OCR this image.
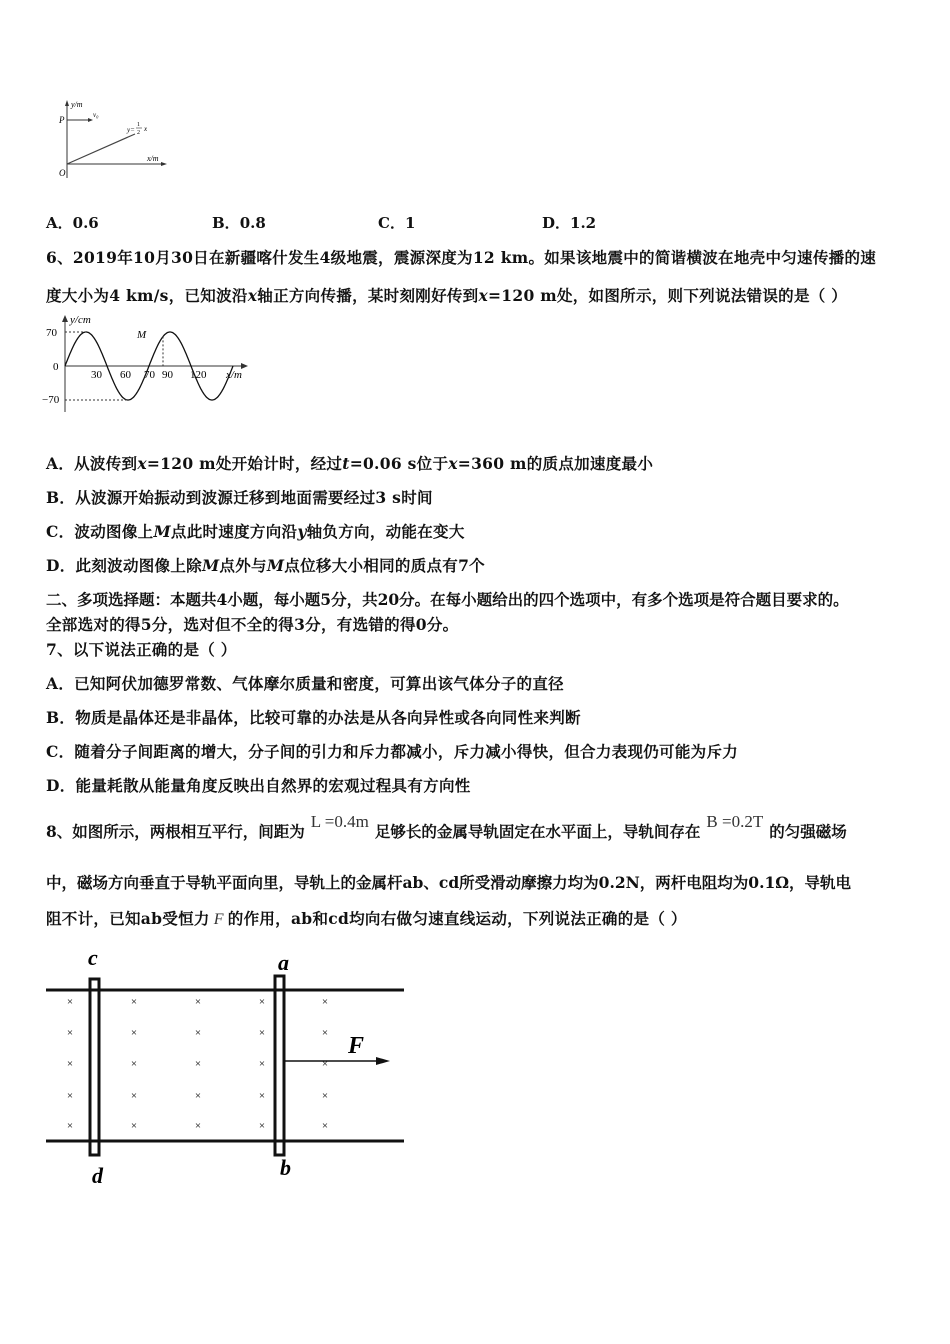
y/m
x/m
P	v₀
O
y=
1
2 x
A．0.6	B．0.8	C．1	D．1.2
6、2019年10月30日在新疆喀什发生4级地震，震源深度为12 km。如果该地震中的简谐横波在地壳中匀速传播的速
度大小为4 km/s，已知波沿x轴正方向传播，某时刻刚好传到x=120 m处，如图所示，则下列说法错误的是（ ）
y/cm
x/m
70
0
−70
30 60 70 90 120
M
A．从波传到x=120 m处开始计时，经过t=0.06 s位于x=360 m的质点加速度最小
B．从波源开始振动到波源迁移到地面需要经过3 s时间
C．波动图像上M点此时速度方向沿y轴负方向，动能在变大
D．此刻波动图像上除M点外与M点位移大小相同的质点有7个
二、多项选择题：本题共4小题，每小题5分，共20分。在每小题给出的四个选项中，有多个选项是符合题目要求的。
全部选对的得5分，选对但不全的得3分，有选错的得0分。
7、以下说法正确的是（ ）
A．已知阿伏加德罗常数、气体摩尔质量和密度，可算出该气体分子的直径
B．物质是晶体还是非晶体，比较可靠的办法是从各向异性或各向同性来判断
C．随着分子间距离的增大，分子间的引力和斥力都减小，斥力减小得快，但合力表现仍可能为斥力
D．能量耗散从能量角度反映出自然界的宏观过程具有方向性
8、如图所示，两根相互平行，间距为L =0.4m足够长的金属导轨固定在水平面上，导轨间存在B =0.2T的匀强磁场
中，磁场方向垂直于导轨平面向里，导轨上的金属杆ab、cd所受滑动摩擦力均为0.2N，两杆电阻均为0.1Ω，导轨电
阻不计，已知ab受恒力 F 的作用，ab和cd均向右做匀速直线运动，下列说法正确的是（ ）
c	a
d	b
F
×
×
×
×
×
×
×
×
×
×
×
×
×
×
×
×
×
×
×
×
×
×
×
×
×
